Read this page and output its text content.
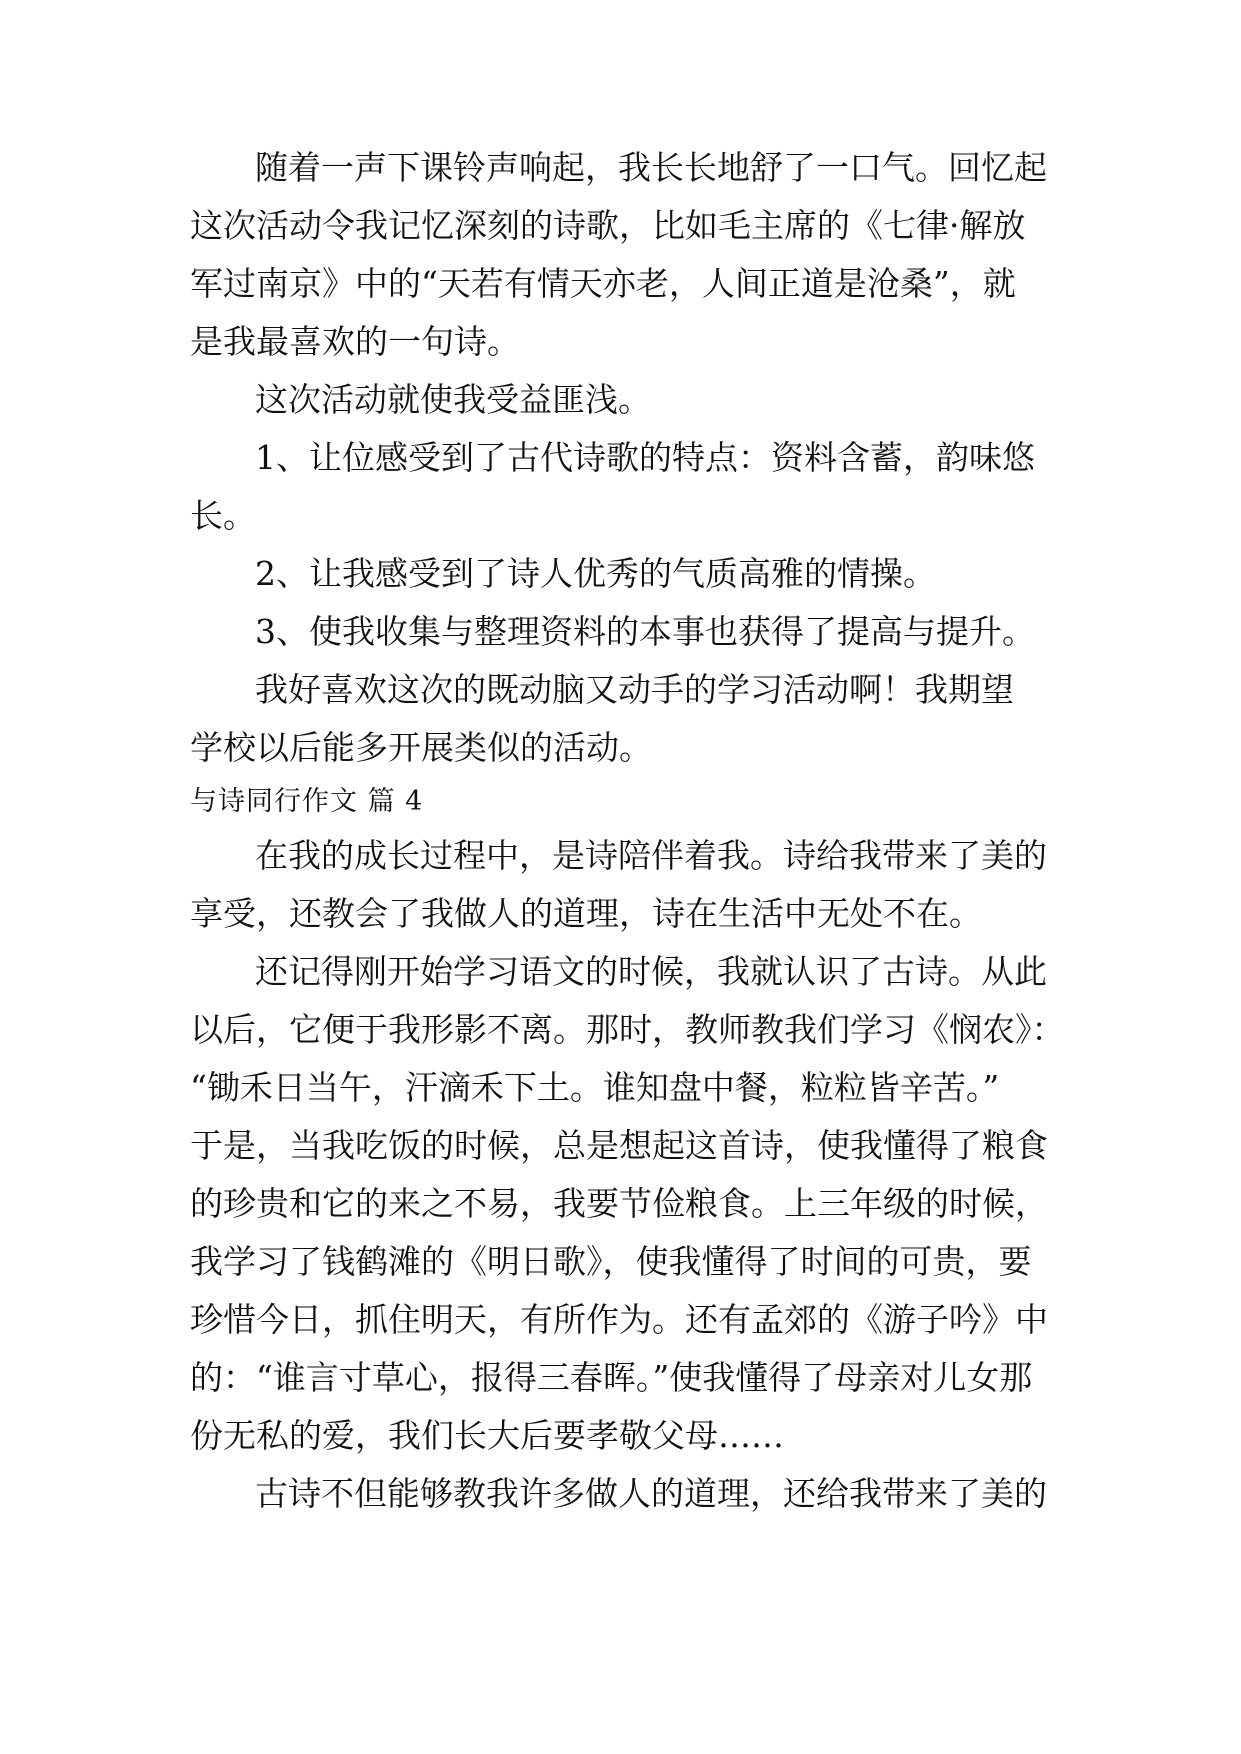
随着一声下课铃声响起，我长长地舒了一口气。回忆起
这次活动令我记忆深刻的诗歌，比如毛主席的《七律·解放
军过南京》中的“天若有情天亦老，人间正道是沧桑”，就
是我最喜欢的一句诗。
这次活动就使我受益匪浅。
1、让位感受到了古代诗歌的特点：资料含蓄，韵味悠
长。
2、让我感受到了诗人优秀的气质高雅的情操。
3、使我收集与整理资料的本事也获得了提高与提升。
我好喜欢这次的既动脑又动手的学习活动啊！我期望
学校以后能多开展类似的活动。
与诗同行作文 篇 4
在我的成长过程中，是诗陪伴着我。诗给我带来了美的
享受，还教会了我做人的道理，诗在生活中无处不在。
还记得刚开始学习语文的时候，我就认识了古诗。从此
以后，它便于我形影不离。那时，教师教我们学习《悯农》：
“锄禾日当午，汗滴禾下土。谁知盘中餐，粒粒皆辛苦。”
于是，当我吃饭的时候，总是想起这首诗，使我懂得了粮食
的珍贵和它的来之不易，我要节俭粮食。上三年级的时候，
我学习了钱鹤滩的《明日歌》，使我懂得了时间的可贵，要
珍惜今日，抓住明天，有所作为。还有孟郊的《游子吟》中
的：“谁言寸草心，报得三春晖。”使我懂得了母亲对儿女那
份无私的爱，我们长大后要孝敬父母……
古诗不但能够教我许多做人的道理，还给我带来了美的
